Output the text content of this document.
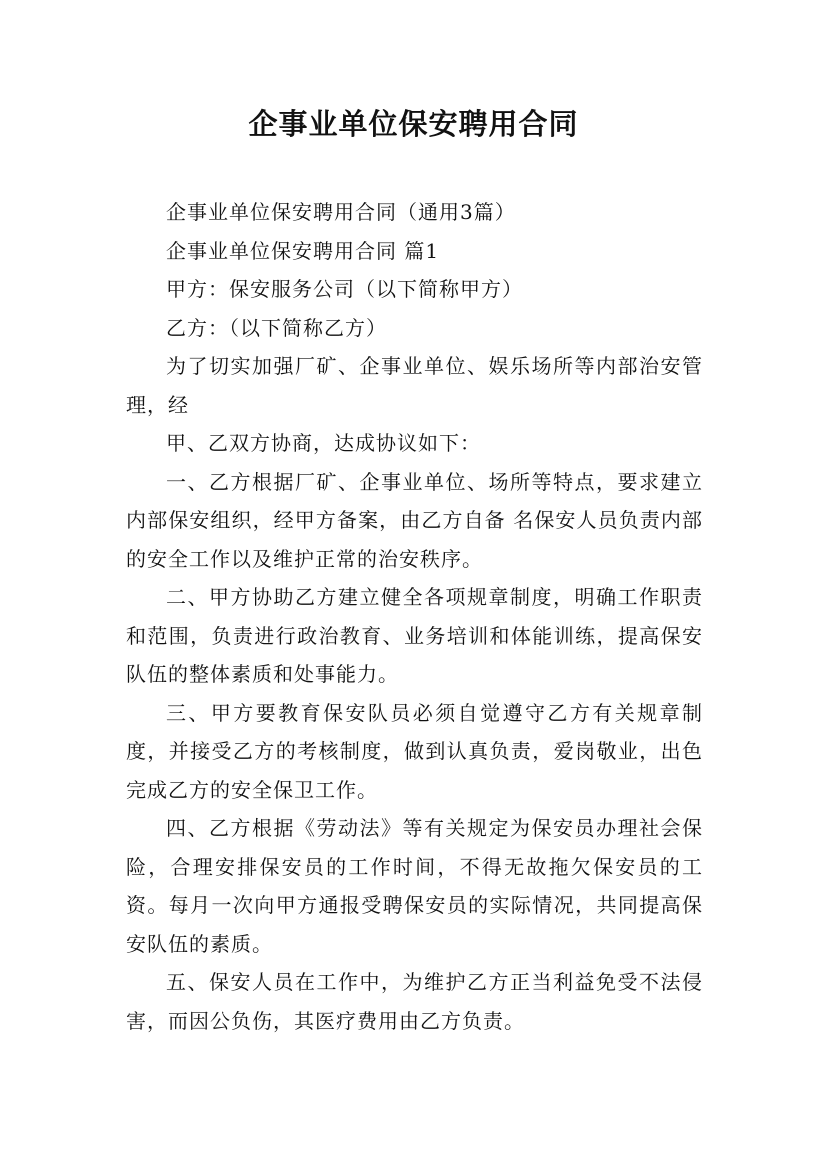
企事业单位保安聘用合同

企事业单位保安聘用合同（通用3篇）

企事业单位保安聘用合同 篇1

甲方：保安服务公司（以下简称甲方）

乙方：（以下简称乙方）

为了切实加强厂矿、企事业单位、娱乐场所等内部治安管理，经

甲、乙双方协商，达成协议如下：

一、乙方根据厂矿、企事业单位、场所等特点，要求建立内部保安组织，经甲方备案，由乙方自备 名保安人员负责内部的安全工作以及维护正常的治安秩序。

二、甲方协助乙方建立健全各项规章制度，明确工作职责和范围，负责进行政治教育、业务培训和体能训练，提高保安队伍的整体素质和处事能力。

三、甲方要教育保安队员必须自觉遵守乙方有关规章制度，并接受乙方的考核制度，做到认真负责，爱岗敬业，出色完成乙方的安全保卫工作。

四、乙方根据《劳动法》等有关规定为保安员办理社会保险，合理安排保安员的工作时间，不得无故拖欠保安员的工资。每月一次向甲方通报受聘保安员的实际情况，共同提高保安队伍的素质。

五、保安人员在工作中，为维护乙方正当利益免受不法侵害，而因公负伤，其医疗费用由乙方负责。
